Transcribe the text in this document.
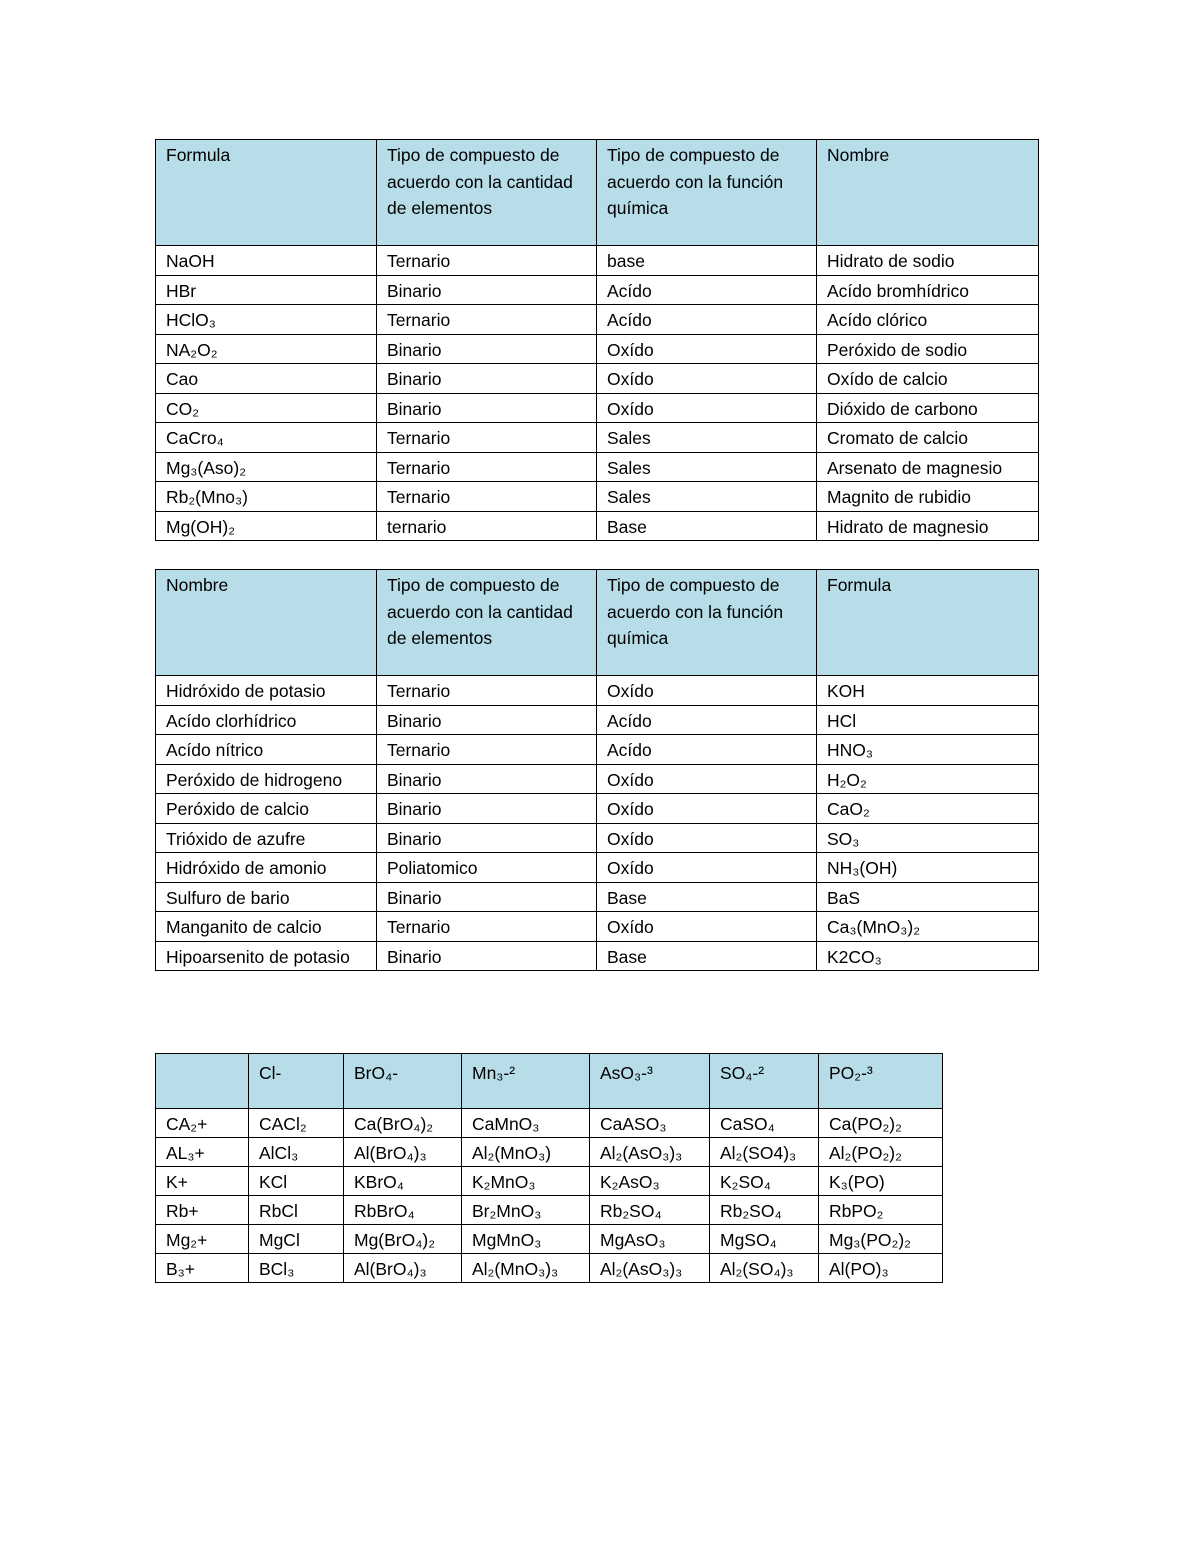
Formula	Tipo de compuesto de acuerdo con la cantidad de elementos	Tipo de compuesto de acuerdo con la función química	Nombre
NaOH	Ternario	base	Hidrato de sodio
HBr	Binario	Acído	Acído bromhídrico
HClO₃	Ternario	Acído	Acído clórico
NA₂O₂	Binario	Oxído	Peróxido de sodio
Cao	Binario	Oxído	Oxído de calcio
CO₂	Binario	Oxído	Dióxido de carbono
CaCro₄	Ternario	Sales	Cromato de calcio
Mg₃(Aso)₂	Ternario	Sales	Arsenato de magnesio
Rb₂(Mno₃)	Ternario	Sales	Magnito de rubidio
Mg(OH)₂	ternario	Base	Hidrato de magnesio
Nombre	Tipo de compuesto de acuerdo con la cantidad de elementos	Tipo de compuesto de acuerdo con la función química	Formula
Hidróxido de potasio	Ternario	Oxído	KOH
Acído clorhídrico	Binario	Acído	HCl
Acído nítrico	Ternario	Acído	HNO₃
Peróxido de hidrogeno	Binario	Oxído	H₂O₂
Peróxido de calcio	Binario	Oxído	CaO₂
Trióxido de azufre	Binario	Oxído	SO₃
Hidróxido de amonio	Poliatomico	Oxído	NH₃(OH)
Sulfuro de bario	Binario	Base	BaS
Manganito de calcio	Ternario	Oxído	Ca₃(MnO₃)₂
Hipoarsenito de potasio	Binario	Base	K2CO₃
	Cl-	BrO₄-	Mn₃-²	AsO₃-³	SO₄-²	PO₂-³
CA₂+	CACl₂	Ca(BrO₄)₂	CaMnO₃	CaASO₃	CaSO₄	Ca(PO₂)₂
AL₃+	AlCl₃	Al(BrO₄)₃	Al₂(MnO₃)	Al₂(AsO₃)₃	Al₂(SO4)₃	Al₂(PO₂)₂
K+	KCl	KBrO₄	K₂MnO₃	K₂AsO₃	K₂SO₄	K₃(PO)
Rb+	RbCl	RbBrO₄	Br₂MnO₃	Rb₂SO₄	Rb₂SO₄	RbPO₂
Mg₂+	MgCl	Mg(BrO₄)₂	MgMnO₃	MgAsO₃	MgSO₄	Mg₃(PO₂)₂
B₃+	BCl₃	Al(BrO₄)₃	Al₂(MnO₃)₃	Al₂(AsO₃)₃	Al₂(SO₄)₃	Al(PO)₃
